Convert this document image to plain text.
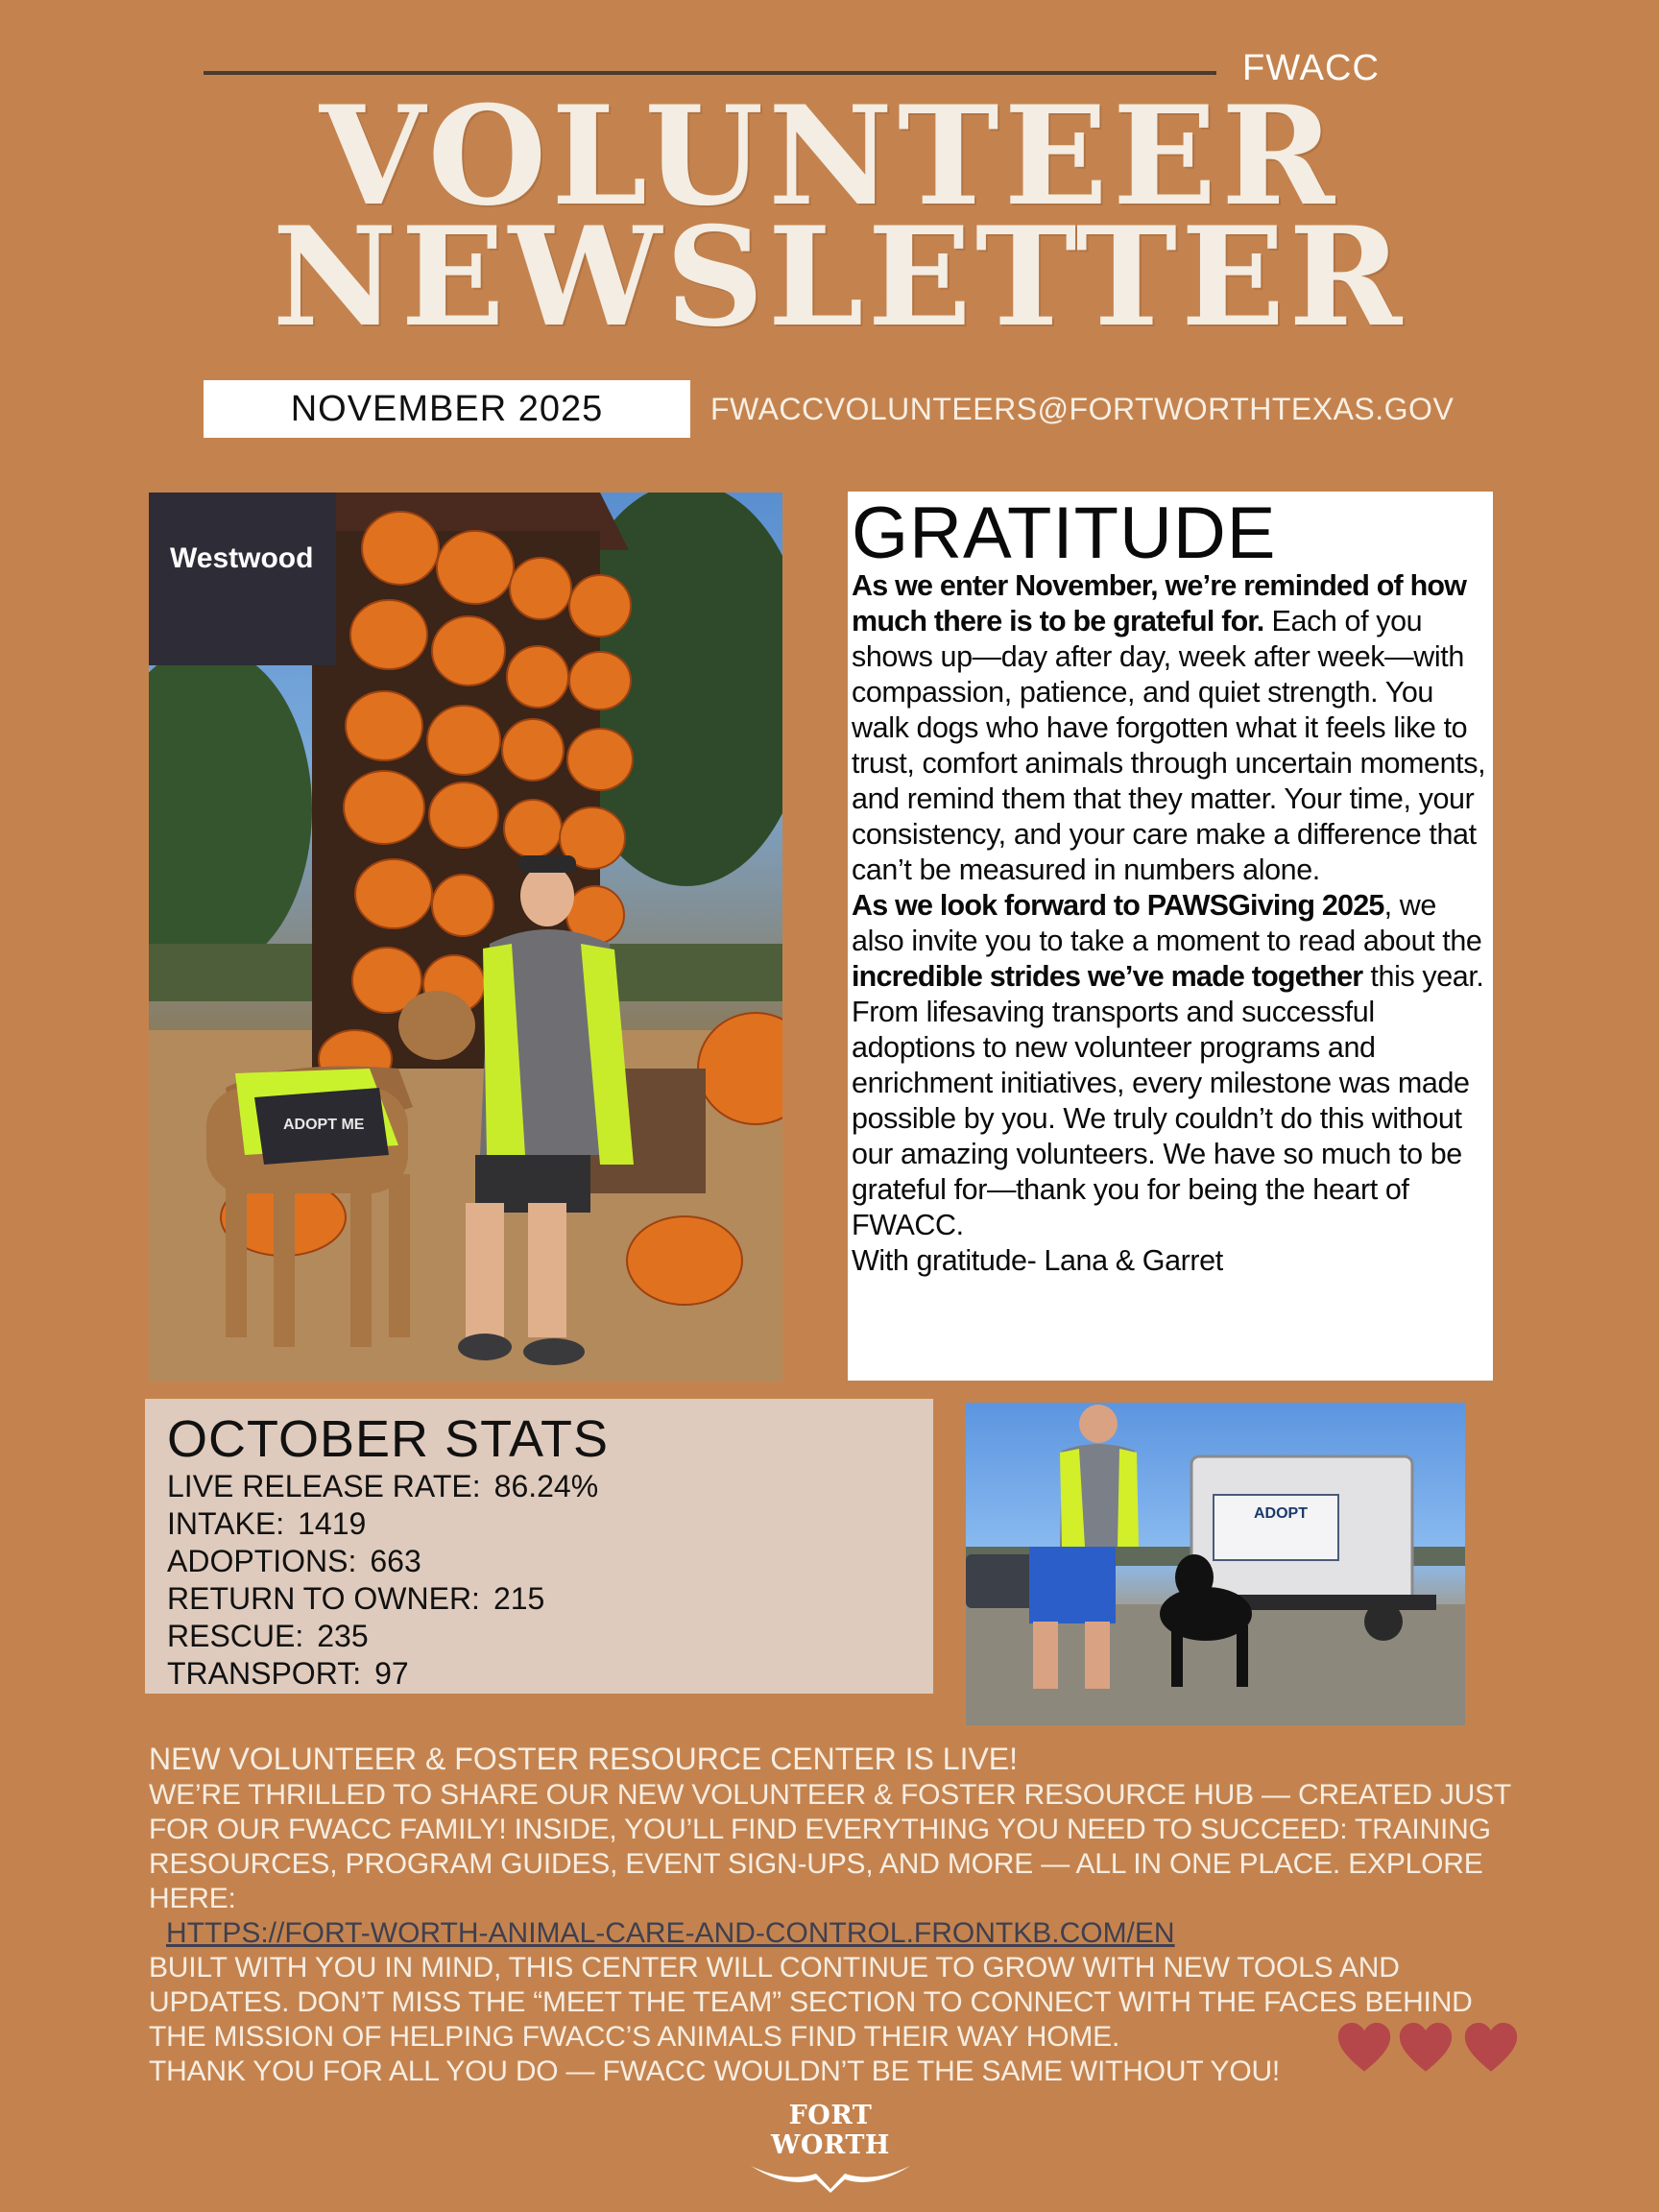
FWACC
VOLUNTEER
NEWSLETTER
NOVEMBER 2025	FWACCVOLUNTEERS@FORTWORTHTEXAS.GOV
Westwood
ADOPT ME
GRATITUDE
As we enter November, we’re reminded of how much there is to be grateful for. Each of you shows up—day after day, week after week—with compassion, patience, and quiet strength. You walk dogs who have forgotten what it feels like to trust, comfort animals through uncertain moments, and remind them that they matter. Your time, your consistency, and your care make a difference that can’t be measured in numbers alone.
As we look forward to PAWSGiving 2025, we also invite you to take a moment to read about the incredible strides we’ve made together this year. From lifesaving transports and successful adoptions to new volunteer programs and enrichment initiatives, every milestone was made possible by you. We truly couldn’t do this without our amazing volunteers. We have so much to be grateful for—thank you for being the heart of FWACC.
With gratitude- Lana & Garret
OCTOBER STATS
LIVE RELEASE RATE: 86.24%
INTAKE: 1419
ADOPTIONS: 663
RETURN TO OWNER: 215
RESCUE: 235
TRANSPORT: 97
ADOPT
NEW VOLUNTEER & FOSTER RESOURCE CENTER IS LIVE!
WE’RE THRILLED TO SHARE OUR NEW VOLUNTEER & FOSTER RESOURCE HUB — CREATED JUST FOR OUR FWACC FAMILY! INSIDE, YOU’LL FIND EVERYTHING YOU NEED TO SUCCEED: TRAINING RESOURCES, PROGRAM GUIDES, EVENT SIGN-UPS, AND MORE — ALL IN ONE PLACE. EXPLORE HERE:
HTTPS://FORT-WORTH-ANIMAL-CARE-AND-CONTROL.FRONTKB.COM/EN
BUILT WITH YOU IN MIND, THIS CENTER WILL CONTINUE TO GROW WITH NEW TOOLS AND UPDATES. DON’T MISS THE “MEET THE TEAM” SECTION TO CONNECT WITH THE FACES BEHIND THE MISSION OF HELPING FWACC’S ANIMALS FIND THEIR WAY HOME.
THANK YOU FOR ALL YOU DO — FWACC WOULDN’T BE THE SAME WITHOUT YOU!
FORT WORTH
